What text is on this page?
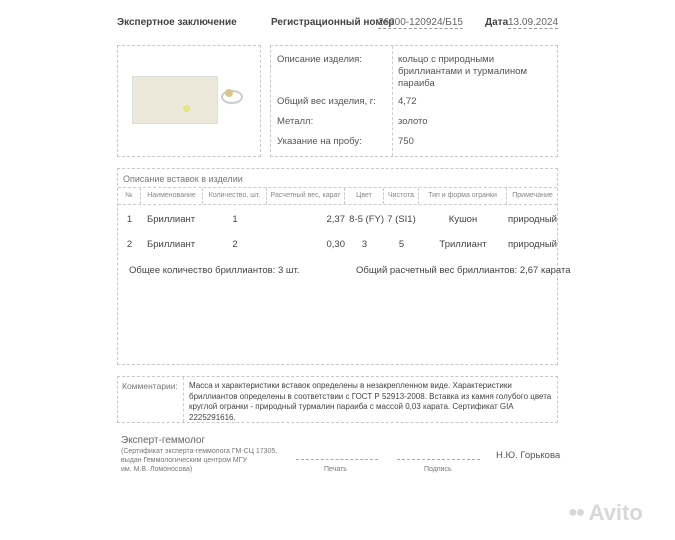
Экспертное заключение	Регистрационный номер
26200-120924/Б15 Дата 13.09.2024
Описание изделия:	кольцо с природными бриллиантами и турмалином параиба
Общий вес изделия, г: 4,72
Металл:	золото
Указание на пробу:	750
Описание вставок в изделии
№	Наименование	Количество, шт.	Расчетный вес, карат	Цвет	Чистота	Тип и форма огранки	Примечание
1	Бриллиант	1	2,37 8-5 (FY) 7 (SI1)	Кушон	природный
2	Бриллиант	2	0,30	3	5	Триллиант	природный
Общее количество бриллиантов: 3 шт.	Общий расчетный вес бриллиантов: 2,67 карата
Комментарии: Масса и характеристики вставок определены в незакрепленном виде. Характеристики бриллиантов определены в соответствии с ГОСТ Р 52913-2008. Вставка из камня голубого цвета круглой огранки - природный турмалин параиба с массой 0,03 карата. Сертификат GIA 2225291616.
Эксперт-геммолог
(Сертификат эксперта-геммолога ГМ-СЦ 17305,
выдан Геммологическим центром МГУ
им. М.В. Ломоносова)	Печать	Подпись
Н.Ю. Горькова
●● Avito
